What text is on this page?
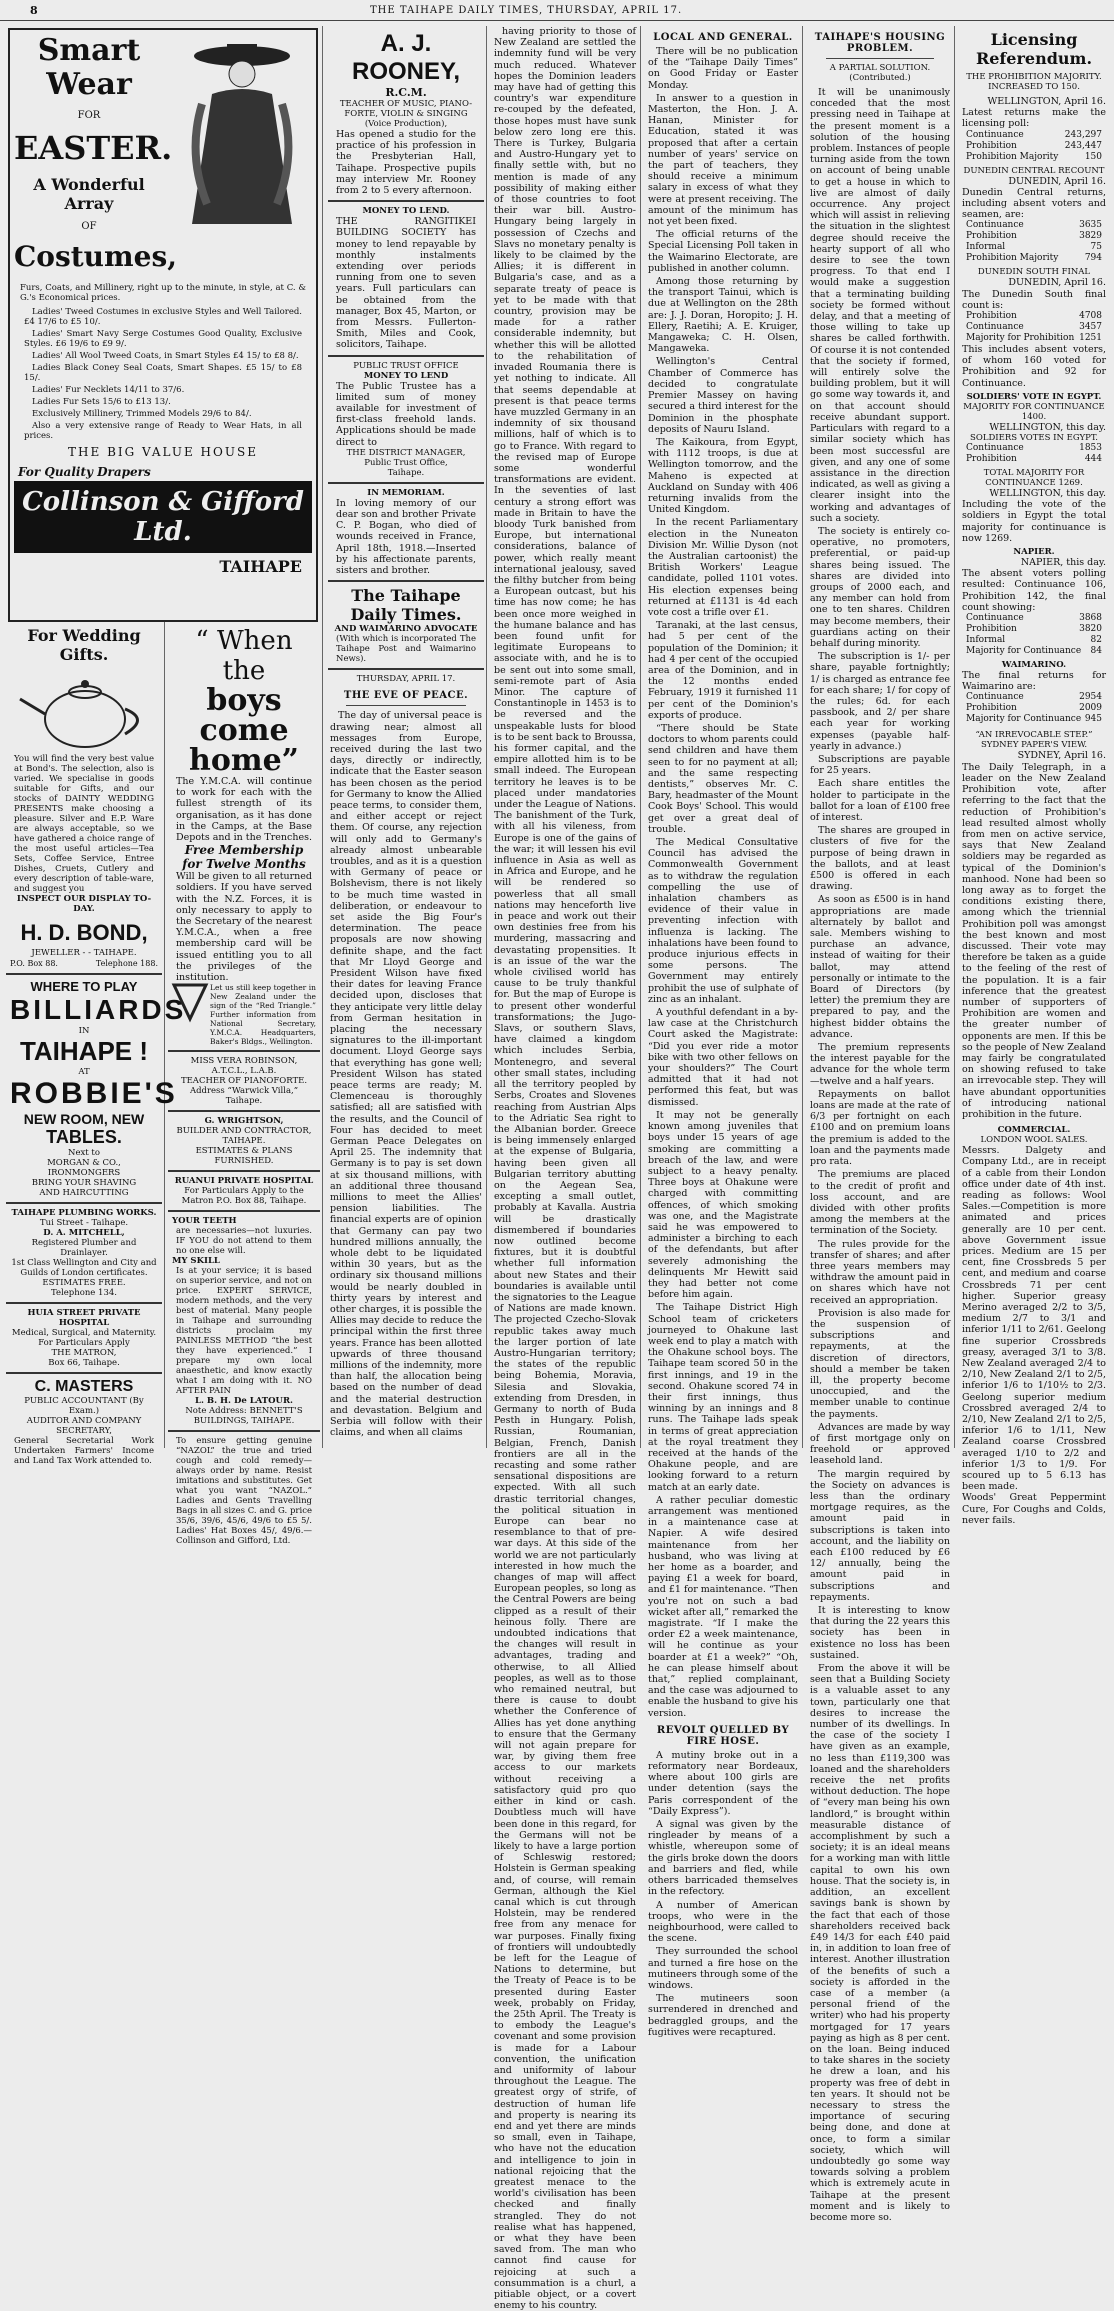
8	THE TAIHAPE DAILY TIMES, THURSDAY, APRIL 17.
Smart Wear
FOR
EASTER.
A Wonderful Array
OF
Costumes,
Furs, Coats, and Millinery, right up to the minute, in style, at C. & G.'s Economical prices.

Ladies' Tweed Costumes in exclusive Styles and Well Tailored. £4 17/6 to £5 10/.

Ladies' Smart Navy Serge Costumes Good Quality, Exclusive Styles. £6 19/6 to £9 9/.

Ladies' All Wool Tweed Coats, in Smart Styles £4 15/ to £8 8/.

Ladies Black Coney Seal Coats, Smart Shapes. £5 15/ to £8 15/.

Ladies' Fur Necklets 14/11 to 37/6.

Ladies Fur Sets 15/6 to £13 13/.

Exclusively Millinery, Trimmed Models 29/6 to 84/.

Also a very extensive range of Ready to Wear Hats, in all prices.

THE BIG VALUE HOUSE
For Quality Drapers
Collinson & Gifford Ltd.
TAIHAPE
For Wedding Gifts.
You will find the very best value at Bond's. The selection, also is varied. We specialise in goods suitable for Gifts, and our stocks of DAINTY WEDDING PRESENTS make choosing a pleasure. Silver and E.P. Ware are always acceptable, so we have gathered a choice range of the most useful articles—Tea Sets, Coffee Service, Entree Dishes, Cruets, Cutlery and every description of table-ware, and suggest you
INSPECT OUR DISPLAY TO-DAY.
H. D. BOND,
JEWELLER - - TAIHAPE.
P.O. Box 88.	Telephone 188.
WHERE TO PLAY
BILLIARDS
IN
TAIHAPE !
AT
ROBBIE'S
NEW ROOM, NEW
TABLES.
Next to
MORGAN & CO., IRONMONGERS
BRING YOUR SHAVING
AND HAIRCUTTING
TAIHAPE PLUMBING WORKS.
Tui Street - Taihape.
D. A. MITCHELL,
Registered Plumber and Drainlayer.
1st Class Wellington and City and Guilds of London certificates.
ESTIMATES FREE.
Telephone 134.
HUIA STREET PRIVATE HOSPITAL
Medical, Surgical, and Maternity.
For Particulars Apply
THE MATRON,
Box 66, Taihape.
C. MASTERS
PUBLIC ACCOUNTANT (By Exam.)
AUDITOR AND COMPANY
SECRETARY,
General Secretarial Work Undertaken Farmers' Income and Land Tax Work attended to.
“ When the
boys come
home”
The Y.M.C.A. will continue to work for each with the fullest strength of its organisation, as it has done in the Camps, at the Base Depots and in the Trenches.
Free Membership
for Twelve Months
Will be given to all returned soldiers. If you have served with the N.Z. Forces, it is only necessary to apply to the Secretary of the nearest Y.M.C.A., when a free membership card will be issued entitling you to all the privileges of the institution.
Let us still keep together in New Zealand under the sign of the “Red Triangle.” Further information from National Secretary, Y.M.C.A. Headquarters, Baker's Bldgs., Wellington.
MISS VERA ROBINSON, A.T.C.L., L.A.B.
TEACHER OF PIANOFORTE.
Address “Warwick Villa,” Taihape.
G. WRIGHTSON,
BUILDER AND CONTRACTOR,
TAIHAPE.
ESTIMATES & PLANS FURNISHED.
RUANUI PRIVATE HOSPITAL
For Particulars Apply to the Matron P.O. Box 88, Taihape.
YOUR TEETH
are necessaries—not luxuries. IF YOU do not attend to them no one else will.
MY SKILL
Is at your service; it is based on superior service, and not on price. EXPERT SERVICE, modern methods, and the very best of material. Many people in Taihape and surrounding districts proclaim my PAINLESS METHOD “the best they have experienced.” I prepare my own local anaesthetic, and know exactly what I am doing with it. NO AFTER PAIN
L. B. H. De LATOUR.
Note Address: BENNETT'S BUILDINGS, TAIHAPE.
To ensure getting genuine “NAZOL” the true and tried cough and cold remedy—always order by name. Resist imitations and substitutes. Get what you want “NAZOL.” Ladies and Gents Travelling Bags in all sizes C. and G. price 35/6, 39/6, 45/6, 49/6 to £5 5/. Ladies' Hat Boxes 45/, 49/6.—Collinson and Gifford, Ltd.
A. J. ROONEY,
R.C.M.
TEACHER OF MUSIC, PIANO-
FORTE, VIOLIN & SINGING
(Voice Production),
Has opened a studio for the practice of his profession in the Presbyterian Hall, Taihape. Prospective pupils may interview Mr. Rooney from 2 to 5 every afternoon.
MONEY TO LEND.
THE RANGITIKEI BUILDING SOCIETY has money to lend repayable by monthly instalments extending over periods running from one to seven years. Full particulars can be obtained from the manager, Box 45, Marton, or from Messrs. Fullerton-Smith, Miles and Cook, solicitors, Taihape.
PUBLIC TRUST OFFICE
MONEY TO LEND
The Public Trustee has a limited sum of money available for investment of first-class freehold lands. Applications should be made direct to
THE DISTRICT MANAGER,
Public Trust Office,
Taihape.
IN MEMORIAM.
In loving memory of our dear son and brother Private C. P. Bogan, who died of wounds received in France, April 18th, 1918.—Inserted by his affectionate parents, sisters and brother.
The Taihape Daily Times.
AND WAIMARINO ADVOCATE
(With which is incorporated The Taihape Post and Waimarino News).
THURSDAY, APRIL 17.
THE EVE OF PEACE.

The day of universal peace is drawing near; almost all messages from Europe, received during the last two days, directly or indirectly, indicate that the Easter season has been chosen as the period for Germany to know the Allied peace terms, to consider them, and either accept or reject them. Of course, any rejection will only add to Germany's already almost unbearable troubles, and as it is a question with Germany of peace or Bolshevism, there is not likely to be much time wasted in deliberation, or endeavour to set aside the Big Four's determination. The peace proposals are now showing definite shape, and the fact that Mr Lloyd George and President Wilson have fixed their dates for leaving France decided upon, discloses that they anticipate very little delay from German hesitation in placing the necessary signatures to the ill-important document. Lloyd George says that everything has gone well; President Wilson has stated peace terms are ready; M. Clemenceau is thoroughly satisfied; all are satisfied with the results, and the Council of Four has decided to meet German Peace Delegates on April 25. The indemnity that Germany is to pay is set down at six thousand millions, with an additional three thousand millions to meet the Allies' pension liabilities. The financial experts are of opinion that Germany can pay two hundred millions annually, the whole debt to be liquidated within 30 years, but as the ordinary six thousand millions would be nearly doubled in thirty years by interest and other charges, it is possible the Allies may decide to reduce the principal within the first three years. France has been allotted upwards of three thousand millions of the indemnity, more than half, the allocation being based on the number of dead and the material destruction and devastation. Belgium and Serbia will follow with their claims, and when all claims

having priority to those of New Zealand are settled the indemnity fund will be very much reduced. Whatever hopes the Dominion leaders may have had of getting this country's war expenditure re-couped by the defeated, those hopes must have sunk below zero long ere this. There is Turkey, Bulgaria and Austro-Hungary yet to finally settle with, but no mention is made of any possibility of making either of those countries to foot their war bill. Austro-Hungary being largely in possession of Czechs and Slavs no monetary penalty is likely to be claimed by the Allies; it is different in Bulgaria's case, and as a separate treaty of peace is yet to be made with that country, provision may be made for a rather considerable indemnity, but whether this will be allotted to the rehabilitation of invaded Roumania there is yet nothing to indicate. All that seems dependable at present is that peace terms have muzzled Germany in an indemnity of six thousand millions, half of which is to go to France. With regard to the revised map of Europe some wonderful transformations are evident. In the seventies of last century a strong effort was made in Britain to have the bloody Turk banished from Europe, but international considerations, balance of power, which really meant international jealousy, saved the filthy butcher from being a European outcast, but his time has now come; he has been once more weighed in the humane balance and has been found unfit for legitimate Europeans to associate with, and he is to be sent out into some small, semi-remote part of Asia Minor. The capture of Constantinople in 1453 is to be reversed and the unspeakable lusts for blood is to be sent back to Broussa, his former capital, and the empire allotted him is to be small indeed. The European territory he leaves is to be placed under mandatories under the League of Nations. The banishment of the Turk, with all his vileness, from Europe is one of the gains of the war; it will lessen his evil influence in Asia as well as in Africa and Europe, and he will be rendered so powerless that all small nations may henceforth live in peace and work out their own destinies free from his murdering, massacring and devastating propensities. It is an issue of the war the whole civilised world has cause to be truly thankful for. But the map of Europe is to present other wonderful transformations; the Jugo-Slavs, or southern Slavs, have claimed a kingdom which includes Serbia, Montenegro, and several other small states, including all the territory peopled by Serbs, Croates and Slovenes reaching from Austrian Alps to the Adriatic Sea right to the Albanian border. Greece is being immensely enlarged at the expense of Bulgaria, having been given all Bulgarian territory abutting on the Aegean Sea, excepting a small outlet, probably at Kavalla. Austria will be drastically dismembered if boundaries now outlined become fixtures, but it is doubtful whether full information about new States and their boundaries is available until the signatories to the League of Nations are made known. The projected Czecho-Slovak republic takes away much the larger portion of late Austro-Hungarian territory; the states of the republic being Bohemia, Moravia, Silesia and Slovakia, extending from Dresden, in Germany to north of Buda Pesth in Hungary. Polish, Russian, Roumanian, Belgian, French, Danish frontiers are all in the recasting and some rather sensational dispositions are expected. With all such drastic territorial changes, the political situation in Europe can bear no resemblance to that of pre-war days. At this side of the world we are not particularly interested in how much the changes of map will affect European peoples, so long as the Central Powers are being clipped as a result of their heinous folly. There are undoubted indications that the changes will result in advantages, trading and otherwise, to all Allied peoples, as well as to those who remained neutral, but there is cause to doubt whether the Conference of Allies has yet done anything to ensure that the Germany will not again prepare for war, by giving them free access to our markets without receiving a satisfactory quid pro quo either in kind or cash. Doubtless much will have been done in this regard, for the Germans will not be likely to have a large portion of Schleswig restored; Holstein is German speaking and, of course, will remain German, although the Kiel canal which is cut through Holstein, may be rendered free from any menace for war purposes. Finally fixing of frontiers will undoubtedly be left for the League of Nations to determine, but the Treaty of Peace is to be presented during Easter week, probably on Friday, the 25th April. The Treaty is to embody the League's covenant and some provision is made for a Labour convention, the unification and uniformity of labour throughout the League. The greatest orgy of strife, of destruction of human life and property is nearing its end and yet there are minds so small, even in Taihape, who have not the education and intelligence to join in national rejoicing that the greatest menace to the world's civilisation has been checked and finally strangled. They do not realise what has happened, or what they have been saved from. The man who cannot find cause for rejoicing at such a consummation is a churl, a pitiable object, or a covert enemy to his country.

LOCAL AND GENERAL.

There will be no publication of the “Taihape Daily Times” on Good Friday or Easter Monday.

In answer to a question in Masterton, the Hon. J. A. Hanan, Minister for Education, stated it was proposed that after a certain number of years' service on the part of teachers, they should receive a minimum salary in excess of what they were at present receiving. The amount of the minimum has not yet been fixed.

The official returns of the Special Licensing Poll taken in the Waimarino Electorate, are published in another column.

Among those returning by the transport Tainui, which is due at Wellington on the 28th are: J. J. Doran, Horopito; J. H. Ellery, Raetihi; A. E. Kruiger, Mangaweka; C. H. Olsen, Mangaweka.

Wellington's Central Chamber of Commerce has decided to congratulate Premier Massey on having secured a third interest for the Dominion in the phosphate deposits of Nauru Island.

The Kaikoura, from Egypt, with 1112 troops, is due at Wellington tomorrow, and the Maheno is expected at Auckland on Sunday with 406 returning invalids from the United Kingdom.

In the recent Parliamentary election in the Nuneaton Division Mr. Willie Dyson (not the Australian cartoonist) the British Workers' League candidate, polled 1101 votes. His election expenses being returned at £1131 is 4d each vote cost a trifle over £1.

Taranaki, at the last census, had 5 per cent of the population of the Dominion; it had 4 per cent of the occupied area of the Dominion, and in the 12 months ended February, 1919 it furnished 11 per cent of the Dominion's exports of produce.

“There should be State doctors to whom parents could send children and have them seen to for no payment at all; and the same respecting dentists,” observes Mr. C. Bary, headmaster of the Mount Cook Boys' School. This would get over a great deal of trouble.

The Medical Consultative Council has advised the Commonwealth Government as to withdraw the regulation compelling the use of inhalation chambers as evidence of their value in preventing infection with influenza is lacking. The inhalations have been found to produce injurious effects in some persons. The Government may entirely prohibit the use of sulphate of zinc as an inhalant.

A youthful defendant in a by-law case at the Christchurch Court asked the Magistrate: “Did you ever ride a motor bike with two other fellows on your shoulders?” The Court admitted that it had not performed this feat, but was dismissed.

It may not be generally known among juveniles that boys under 15 years of age smoking are committing a breach of the law, and were subject to a heavy penalty. Three boys at Ohakune were charged with committing offences, of which smoking was one, and the Magistrate said he was empowered to administer a birching to each of the defendants, but after severely admonishing the delinquents Mr Hewitt said they had better not come before him again.

The Taihape District High School team of cricketers journeyed to Ohakune last week end to play a match with the Ohakune school boys. The Taihape team scored 50 in the first innings, and 19 in the second. Ohakune scored 74 in their first innings, thus winning by an innings and 8 runs. The Taihape lads speak in terms of great appreciation at the royal treatment they received at the hands of the Ohakune people, and are looking forward to a return match at an early date.

A rather peculiar domestic arrangement was mentioned in a maintenance case at Napier. A wife desired maintenance from her husband, who was living at her home as a boarder, and paying £1 a week for board, and £1 for maintenance. “Then you're not on such a bad wicket after all,” remarked the magistrate. “If I make the order £2 a week maintenance, will he continue as your boarder at £1 a week?” “Oh, he can please himself about that,” replied complainant, and the case was adjourned to enable the husband to give his version.

REVOLT QUELLED BY FIRE HOSE.

A mutiny broke out in a reformatory near Bordeaux, where about 100 girls are under detention (says the Paris correspondent of the “Daily Express”).

A signal was given by the ringleader by means of a whistle, whereupon some of the girls broke down the doors and barriers and fled, while others barricaded themselves in the refectory.

A number of American troops, who were in the neighbourhood, were called to the scene.

They surrounded the school and turned a fire hose on the mutineers through some of the windows.

The mutineers soon surrendered in drenched and bedraggled groups, and the fugitives were recaptured.

TAIHAPE'S HOUSING PROBLEM.
A PARTIAL SOLUTION.
(Contributed.)

It will be unanimously conceded that the most pressing need in Taihape at the present moment is a solution of the housing problem. Instances of people turning aside from the town on account of being unable to get a house in which to live are almost of daily occurrence. Any project which will assist in relieving the situation in the slightest degree should receive the hearty support of all who desire to see the town progress. To that end I would make a suggestion that a terminating building society be formed without delay, and that a meeting of those willing to take up shares be called forthwith. Of course it is not contended that the society if formed, will entirely solve the building problem, but it will go some way towards it, and on that account should receive abundant support. Particulars with regard to a similar society which has been most successful are given, and any one of some assistance in the direction indicated, as well as giving a clearer insight into the working and advantages of such a society.

The society is entirely co-operative, no promoters, preferential, or paid-up shares being issued. The shares are divided into groups of 2000 each, and any member can hold from one to ten shares. Children may become members, their guardians acting on their behalf during minority.

The subscription is 1/- per share, payable fortnightly; 1/ is charged as entrance fee for each share; 1/ for copy of the rules; 6d. for each passbook, and 2/ per share each year for working expenses (payable half-yearly in advance.)

Subscriptions are payable for 25 years.

Each share entitles the holder to participate in the ballot for a loan of £100 free of interest.

The shares are grouped in clusters of five for the purpose of being drawn in the ballots, and at least £500 is offered in each drawing.

As soon as £500 is in hand appropriations are made alternately by ballot and sale. Members wishing to purchase an advance, instead of waiting for their ballot, may attend personally or intimate to the Board of Directors (by letter) the premium they are prepared to pay, and the highest bidder obtains the advance.

The premium represents the interest payable for the advance for the whole term—twelve and a half years.

Repayments on ballot loans are made at the rate of 6/3 per fortnight on each £100 and on premium loans the premium is added to the loan and the payments made pro rata.

The premiums are placed to the credit of profit and loss account, and are divided with other profits among the members at the termination of the Society.

The rules provide for the transfer of shares; and after three years members may withdraw the amount paid in on shares which have not received an appropriation.

Provision is also made for the suspension of subscriptions and repayments, at the discretion of directors, should a member be taken ill, the property become unoccupied, and the member unable to continue the payments.

Advances are made by way of first mortgage only on freehold or approved leasehold land.

The margin required by the Society on advances is less than the ordinary mortgage requires, as the amount paid in subscriptions is taken into account, and the liability on each £100 reduced by £6 12/ annually, being the amount paid in subscriptions and repayments.

It is interesting to know that during the 22 years this society has been in existence no loss has been sustained.

From the above it will be seen that a Building Society is a valuable asset to any town, particularly one that desires to increase the number of its dwellings. In the case of the society I have given as an example, no less than £119,300 was loaned and the shareholders receive the net profits without deduction. The hope of “every man being his own landlord,” is brought within measurable distance of accomplishment by such a society; it is an ideal means for a working man with little capital to own his own house. That the society is, in addition, an excellent savings bank is shown by the fact that each of those shareholders received back £49 14/3 for each £40 paid in, in addition to loan free of interest. Another illustration of the benefits of such a society is afforded in the case of a member (a personal friend of the writer) who had his property mortgaged for 17 years paying as high as 8 per cent. on the loan. Being induced to take shares in the society he drew a loan, and his property was free of debt in ten years. It should not be necessary to stress the importance of securing being done, and done at once, to form a similar society, which will undoubtedly go some way towards solving a problem which is extremely acute in Taihape at the present moment and is likely to become more so.

Licensing Referendum.
THE PROHIBITION MAJORITY.
INCREASED TO 150.
WELLINGTON, April 16.
Latest returns make the licensing poll:
Continuance	243,297
Prohibition	243,447
Prohibition Majority	150
DUNEDIN CENTRAL RECOUNT
DUNEDIN, April 16.
Dunedin Central returns, including absent voters and seamen, are:
Continuance	3635
Prohibition	3829
Informal	75
Prohibition Majority	794
DUNEDIN SOUTH FINAL
DUNEDIN, April 16.
The Dunedin South final count is:
Prohibition	4708
Continuance	3457
Majority for Prohibition 1251
This includes absent voters, of whom 160 voted for Prohibition and 92 for Continuance.
SOLDIERS' VOTE IN EGYPT.
MAJORITY FOR CONTINUANCE 1400.
WELLINGTON, this day.
SOLDIERS VOTES IN EGYPT.
Continuance	1853
Prohibition	444
TOTAL MAJORITY FOR CONTINUANCE 1269.
WELLINGTON, this day.
Including the vote of the soldiers in Egypt the total majority for continuance is now 1269.
NAPIER.
NAPIER, this day.
The absent voters polling resulted: Continuance 106, Prohibition 142, the final count showing:
Continuance	3868
Prohibition	3820
Informal	82
Majority for Continuance 84
WAIMARINO.
The final returns for Waimarino are:
Continuance	2954
Prohibition	2009
Majority for Continuance 945
“AN IRREVOCABLE STEP.”
SYDNEY PAPER'S VIEW.
SYDNEY, April 16.
The Daily Telegraph, in a leader on the New Zealand Prohibition vote, after referring to the fact that the reduction of Prohibition's lead resulted almost wholly from men on active service, says that New Zealand soldiers may be regarded as typical of the Dominion's manhood. None had been so long away as to forget the conditions existing there, among which the triennial Prohibition poll was amongst the best known and most discussed. Their vote may therefore be taken as a guide to the feeling of the rest of the population. It is a fair inference that the greatest number of supporters of Prohibition are women and the greater number of opponents are men. If this be so the people of New Zealand may fairly be congratulated on showing refused to take an irrevocable step. They will have abundant opportunities of introducing national prohibition in the future.
COMMERCIAL.
LONDON WOOL SALES.
Messrs. Dalgety and Company Ltd., are in receipt of a cable from their London office under date of 4th inst. reading as follows: Wool Sales.—Competition is more animated and prices generally are 10 per cent. above Government issue prices. Medium are 15 per cent, fine Crossbreds 5 per cent, and medium and coarse Crossbreds 71 per cent higher. Superior greasy Merino averaged 2/2 to 3/5, medium 2/7 to 3/1 and inferior 1/11 to 2/61. Geelong fine superior Crossbreds greasy, averaged 3/1 to 3/8. New Zealand averaged 2/4 to 2/10, New Zealand 2/1 to 2/5, inferior 1/6 to 1/10½ to 2/3. Geelong superior medium Crossbred averaged 2/4 to 2/10, New Zealand 2/1 to 2/5, inferior 1/6 to 1/11, New Zealand coarse Crossbred averaged 1/10 to 2/2 and inferior 1/3 to 1/9. For scoured up to 5 6.13 has been made.
Woods' Great Peppermint Cure, For Coughs and Colds, never fails.
